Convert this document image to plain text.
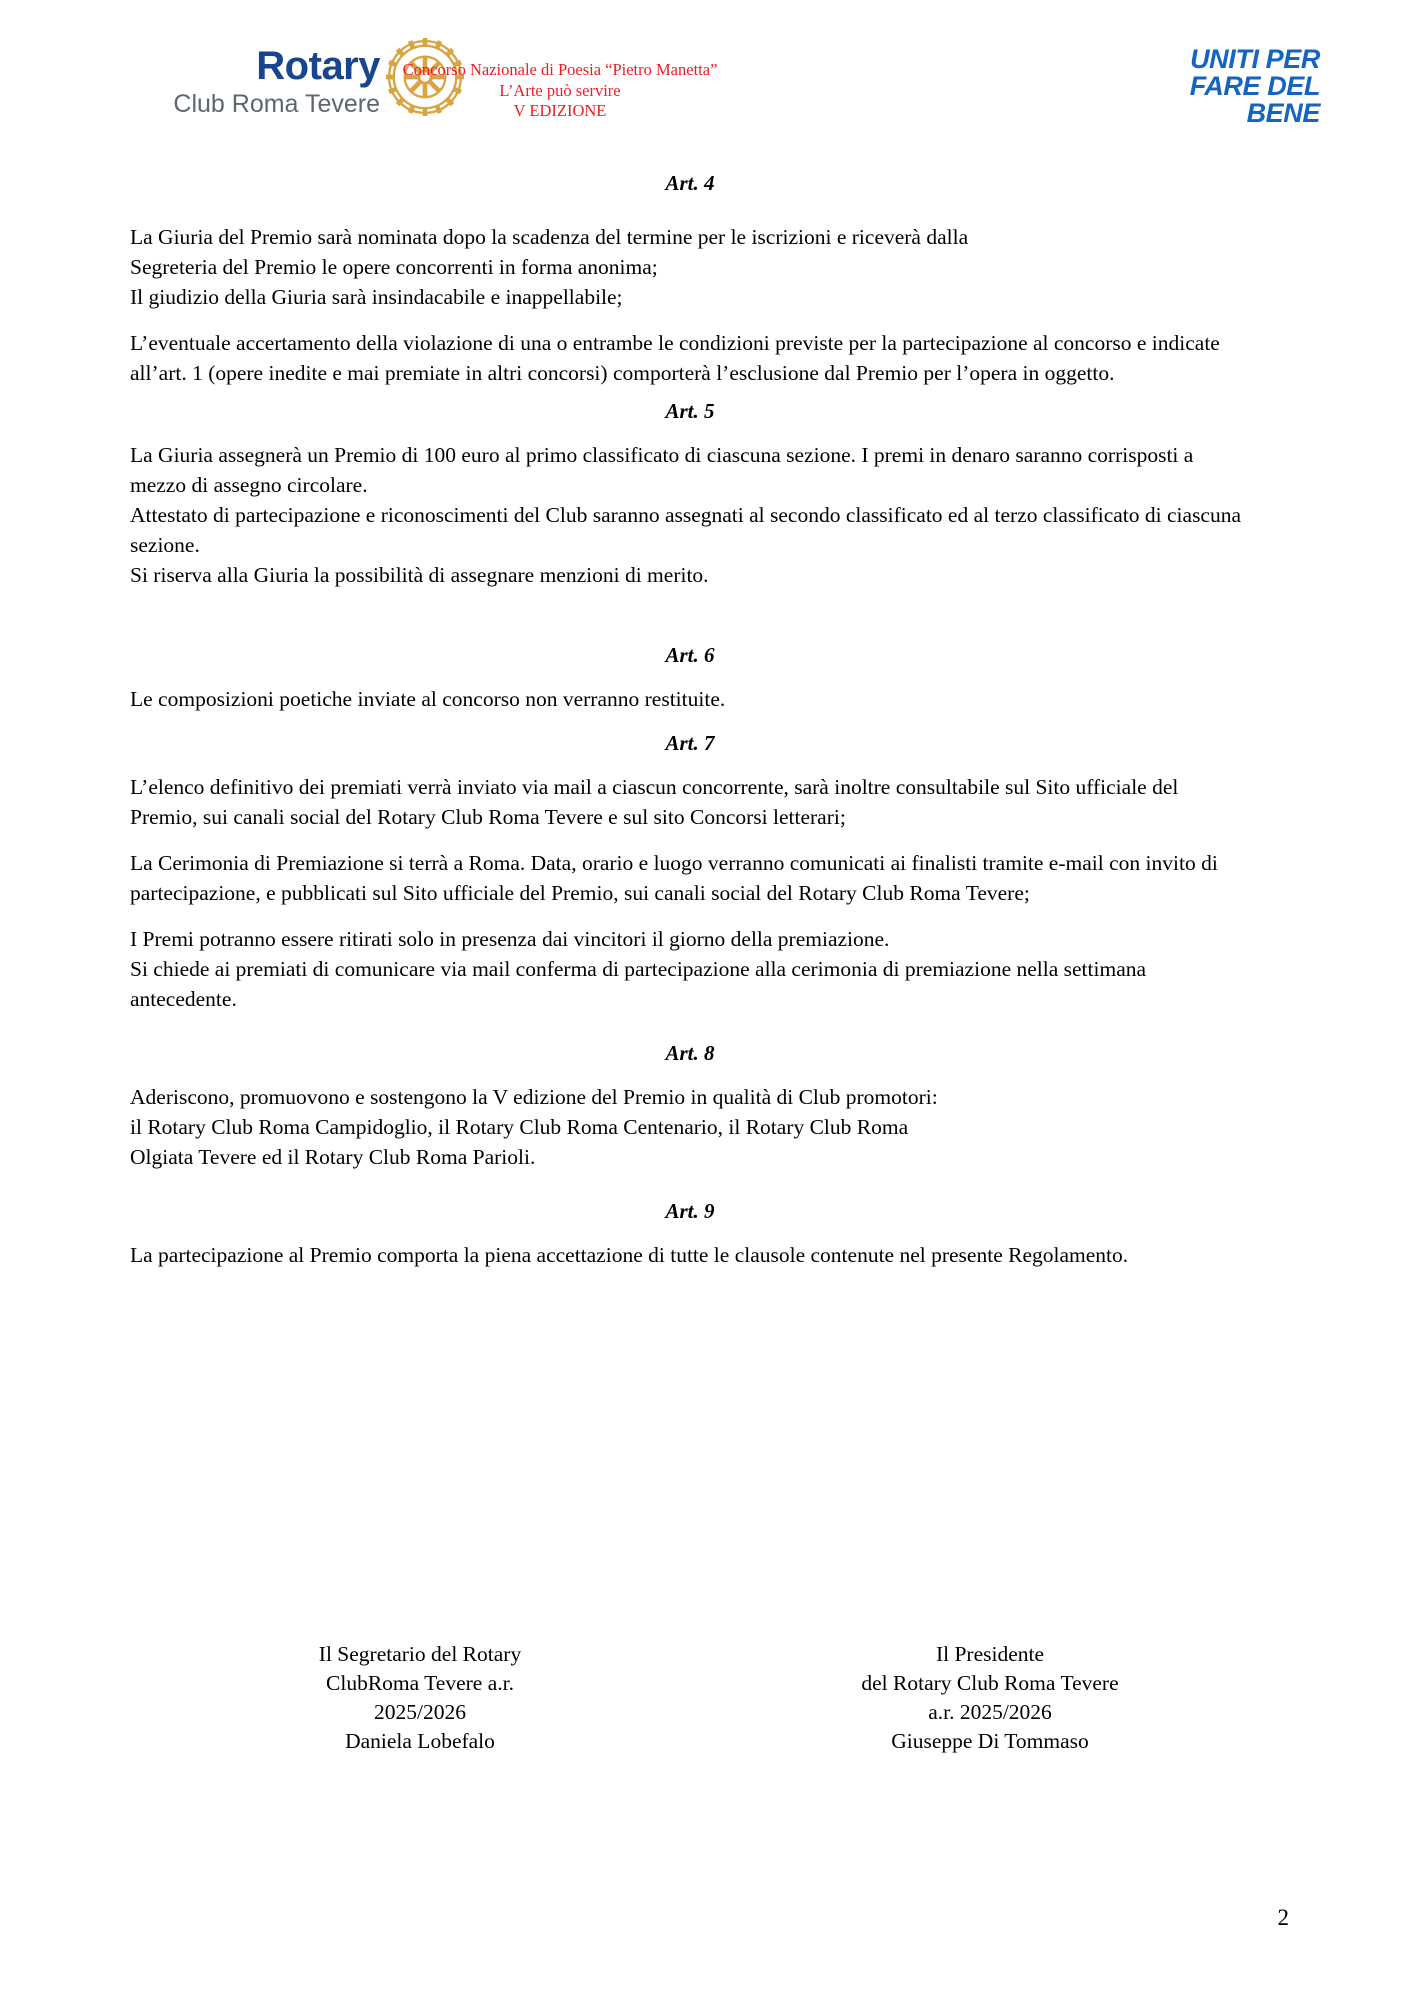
Rotary
Club Roma Tevere
Concorso Nazionale di Poesia “Pietro Manetta”
L’Arte può servire
V EDIZIONE
UNITI PER
FARE DEL
BENE
Art. 4

La Giuria del Premio sarà nominata dopo la scadenza del termine per le iscrizioni e riceverà dalla

Segreteria del Premio le opere concorrenti in forma anonima;

Il giudizio della Giuria sarà insindacabile e inappellabile;

L’eventuale accertamento della violazione di una o entrambe le condizioni previste per la partecipazione al concorso e indicate all’art. 1 (opere inedite e mai premiate in altri concorsi) comporterà l’esclusione dal Premio per l’opera in oggetto.

Art. 5

La Giuria assegnerà un Premio di 100 euro al primo classificato di ciascuna sezione. I premi in denaro saranno corrisposti a mezzo di assegno circolare.

Attestato di partecipazione e riconoscimenti del Club saranno assegnati al secondo classificato ed al terzo classificato di ciascuna sezione.

Si riserva alla Giuria la possibilità di assegnare menzioni di merito.

Art. 6

Le composizioni poetiche inviate al concorso non verranno restituite.

Art. 7

L’elenco definitivo dei premiati verrà inviato via mail a ciascun concorrente, sarà inoltre consultabile sul Sito ufficiale del Premio, sui canali social del Rotary Club Roma Tevere e sul sito Concorsi letterari;

La Cerimonia di Premiazione si terrà a Roma. Data, orario e luogo verranno comunicati ai finalisti tramite e-mail con invito di partecipazione, e pubblicati sul Sito ufficiale del Premio, sui canali social del Rotary Club Roma Tevere;

I Premi potranno essere ritirati solo in presenza dai vincitori il giorno della premiazione.

Si chiede ai premiati di comunicare via mail conferma di partecipazione alla cerimonia di premiazione nella settimana antecedente.

Art. 8

Aderiscono, promuovono e sostengono la V edizione del Premio in qualità di Club promotori:

il Rotary Club Roma Campidoglio, il Rotary Club Roma Centenario, il Rotary Club Roma

Olgiata Tevere ed il Rotary Club Roma Parioli.

Art. 9

La partecipazione al Premio comporta la piena accettazione di tutte le clausole contenute nel presente Regolamento.

Il Segretario del Rotary
ClubRoma Tevere a.r.
2025/2026
Daniela Lobefalo
Il Presidente
del Rotary Club Roma Tevere
a.r. 2025/2026
Giuseppe Di Tommaso
2
